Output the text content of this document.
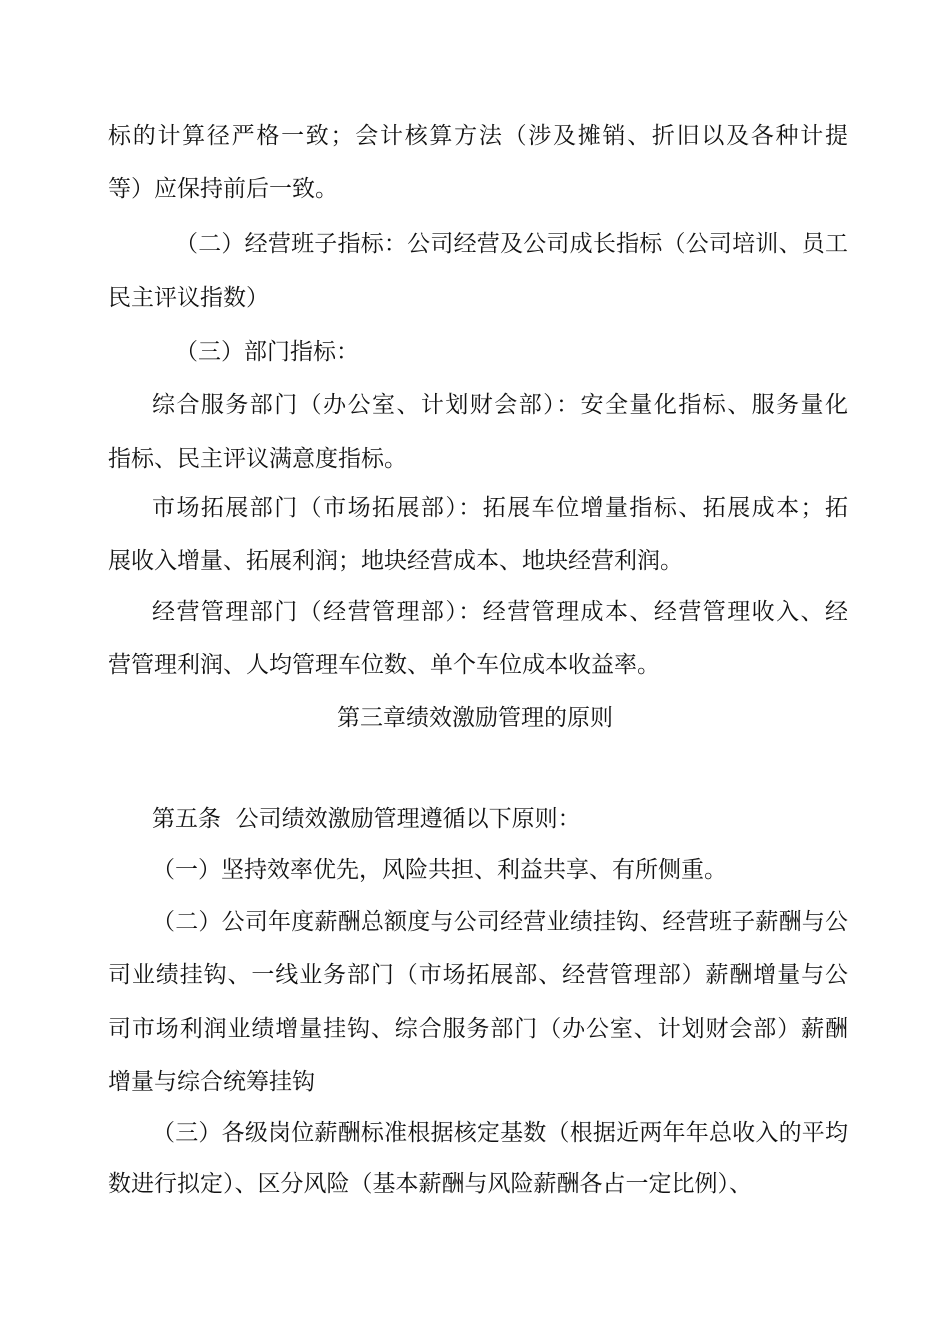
标的计算径严格一致；会计核算方法（涉及摊销、折旧以及各种计提
等）应保持前后一致。
（二）经营班子指标：公司经营及公司成长指标（公司培训、员工
民主评议指数）
（三）部门指标：
综合服务部门（办公室、计划财会部）：安全量化指标、服务量化
指标、民主评议满意度指标。
市场拓展部门（市场拓展部）：拓展车位增量指标、拓展成本；拓
展收入增量、拓展利润；地块经营成本、地块经营利润。
经营管理部门（经营管理部）：经营管理成本、经营管理收入、经
营管理利润、人均管理车位数、单个车位成本收益率。
第三章绩效激励管理的原则
第五条  公司绩效激励管理遵循以下原则：
（一）坚持效率优先，风险共担、利益共享、有所侧重。
（二）公司年度薪酬总额度与公司经营业绩挂钩、经营班子薪酬与公
司业绩挂钩、一线业务部门（市场拓展部、经营管理部）薪酬增量与公
司市场利润业绩增量挂钩、综合服务部门（办公室、计划财会部）薪酬
增量与综合统筹挂钩
（三）各级岗位薪酬标准根据核定基数（根据近两年年总收入的平均
数进行拟定）、区分风险（基本薪酬与风险薪酬各占一定比例）、
